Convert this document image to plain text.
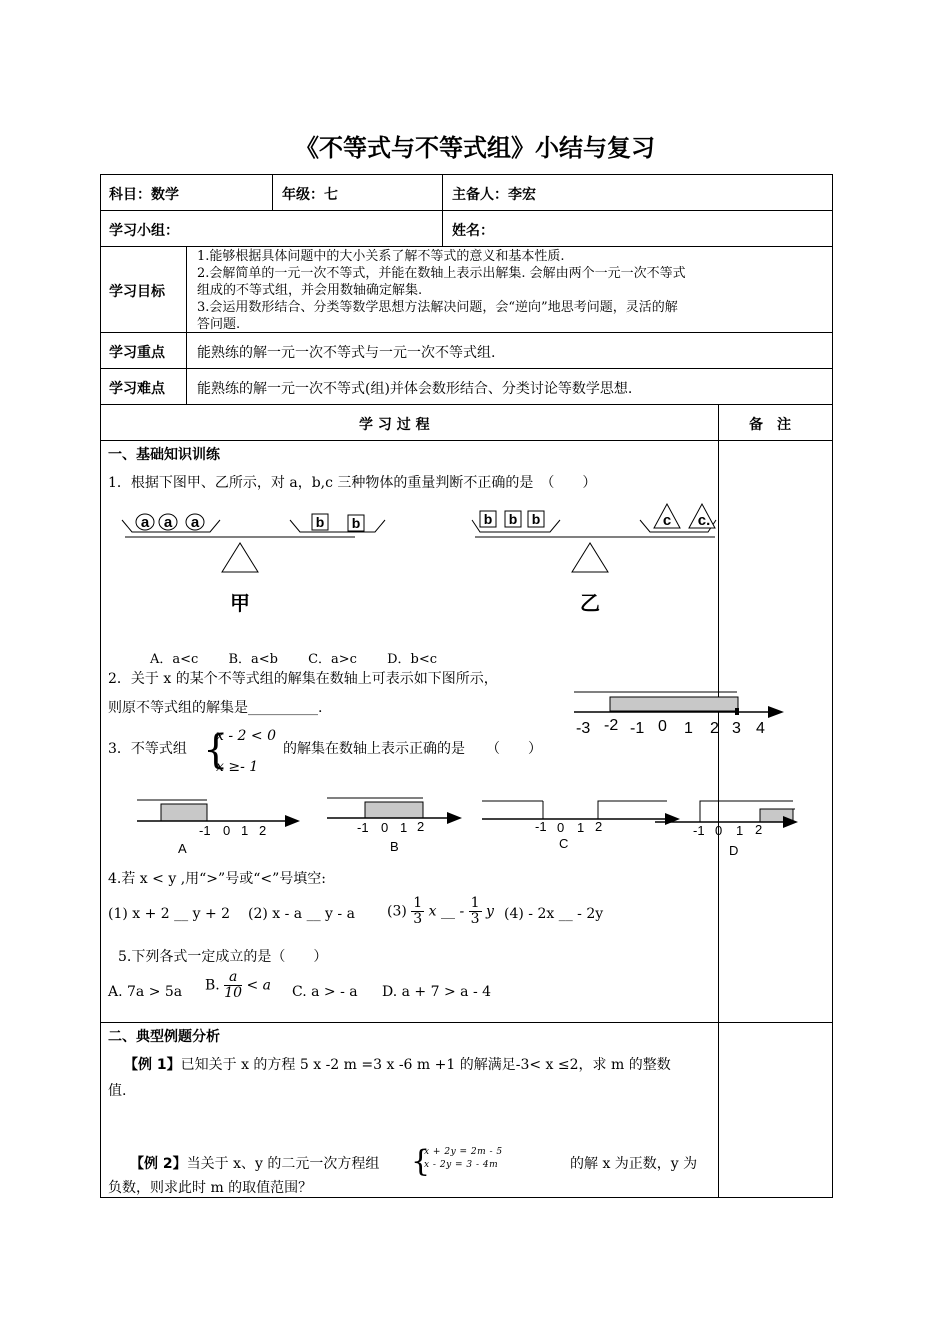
《不等式与不等式组》小结与复习
科目：数学	年级：七	主备人：李宏
学习小组：	姓名：
学习目标
1.能够根据具体问题中的大小关系了解不等式的意义和基本性质.
2.会解简单的一元一次不等式，并能在数轴上表示出解集. 会解由两个一元一次不等式
组成的不等式组，并会用数轴确定解集.
3.会运用数形结合、分类等数学思想方法解决问题，会“逆向”地思考问题，灵活的解
答问题.
学习重点 能熟练的解一元一次不等式与一元一次不等式组.
学习难点 能熟练的解一元一次不等式(组)并体会数形结合、分类讨论等数学思想.
学 习 过 程	备　注
一、基础知识训练
1．根据下图甲、乙所示，对 a，b,c 三种物体的重量判断不正确的是　（　　）
a a a	b b
甲
b b b	c c.
乙
A．a<c　　 B．a<b　　 C．a>c　　 D．b<c
2．关于 x 的某个不等式组的解集在数轴上可表示如下图所示，
则原不等式组的解集是__________.
-3 -2 -1 0 1 2 3 4
3．不等式组 {
x - 2 < 0
x ≥- 1
的解集在数轴上表示正确的是　　（　　）
-1 0 1 2
A
-1 0 1 2
B
-1 0 1 2
C
-1 0 1 2
D
4.若 x < y ,用“>”号或“<”号填空:
(1) x + 2 __ y + 2 (2) x - a __ y - a $(3) \frac{1}{3}$ x __ - $\frac{1}{3}$ y (4) - 2x __ - 2y
5.下列各式一定成立的是（　　）
A. 7a > 5a B. $\frac{a}{10} < a$ C. a > - a D. a + 7 > a - 4
二、典型例题分析
【例 1】已知关于 x 的方程 5 x -2 m =3 x -6 m +1 的解满足-3< x ≤2，求 m 的整数
值.
【例 2】当关于 x、y 的二元一次方程组 {
x + 2y = 2m - 5
x - 2y = 3 - 4m	的解 x 为正数，y 为
负数，则求此时 m 的取值范围？
